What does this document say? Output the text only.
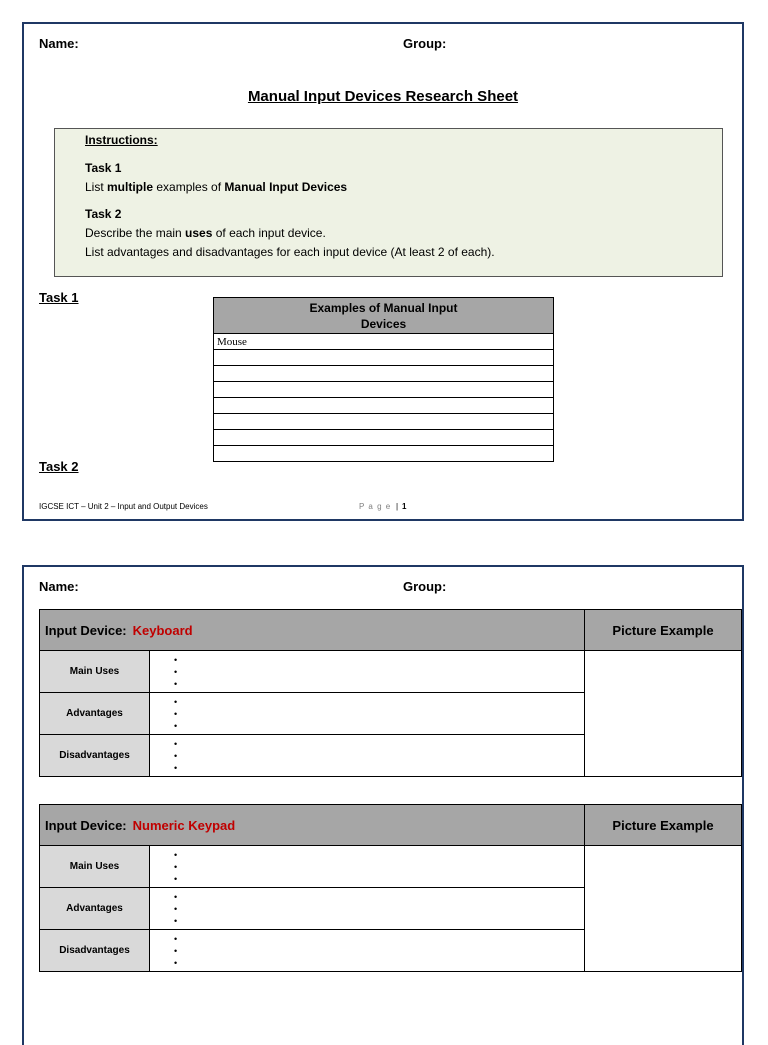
Name:	Group:
Manual Input Devices Research Sheet

Instructions:

Task 1

List multiple examples of Manual Input Devices

Task 2

Describe the main uses of each input device.

List advantages and disadvantages for each input device (At least 2 of each).

Task 1
Examples of Manual Input
Devices
Mouse

Task 2
IGCSE ICT – Unit 2 – Input and Output Devices	P a g e | 1
Name:	Group:
Input Device: Keyboard		Picture Example
Main Uses	•
•
•	

Advantages	•
•
•	

Disadvantages	•
•
•	
Input Device: Numeric Keypad		Picture Example
Main Uses	•
•
•	

Advantages	•
•
•	

Disadvantages	•
•
•	
